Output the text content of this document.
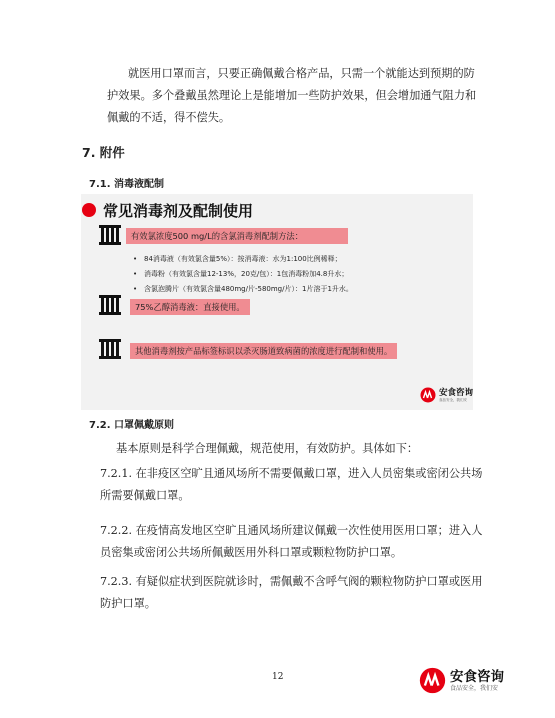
就医用口罩而言，只要正确佩戴合格产品，只需一个就能达到预期的防
护效果。多个叠戴虽然理论上是能增加一些防护效果，但会增加通气阻力和
佩戴的不适，得不偿失。
7. 附件
7.1. 消毒液配制
常见消毒剂及配制使用
有效氯浓度500 mg/L的含氯消毒剂配制方法：
• 84消毒液（有效氯含量5%）：按消毒液：水为1:100比例稀释；
• 消毒粉（有效氯含量12-13%，20克/包）：1包消毒粉加4.8升水；
• 含氯泡腾片（有效氯含量480mg/片-580mg/片）：1片溶于1升水。
75%乙醇消毒液：直接使用。
其他消毒剂按产品标签标识以杀灭肠道致病菌的浓度进行配制和使用。
安食咨询
食品安全，我们安
7.2. 口罩佩戴原则
基本原则是科学合理佩戴，规范使用，有效防护。具体如下：
7.2.1. 在非疫区空旷且通风场所不需要佩戴口罩，进入人员密集或密闭公共场
所需要佩戴口罩。
7.2.2. 在疫情高发地区空旷且通风场所建议佩戴一次性使用医用口罩；进入人
员密集或密闭公共场所佩戴医用外科口罩或颗粒物防护口罩。
7.2.3. 有疑似症状到医院就诊时，需佩戴不含呼气阀的颗粒物防护口罩或医用
防护口罩。
12	安食咨询
食品安全，我们安
